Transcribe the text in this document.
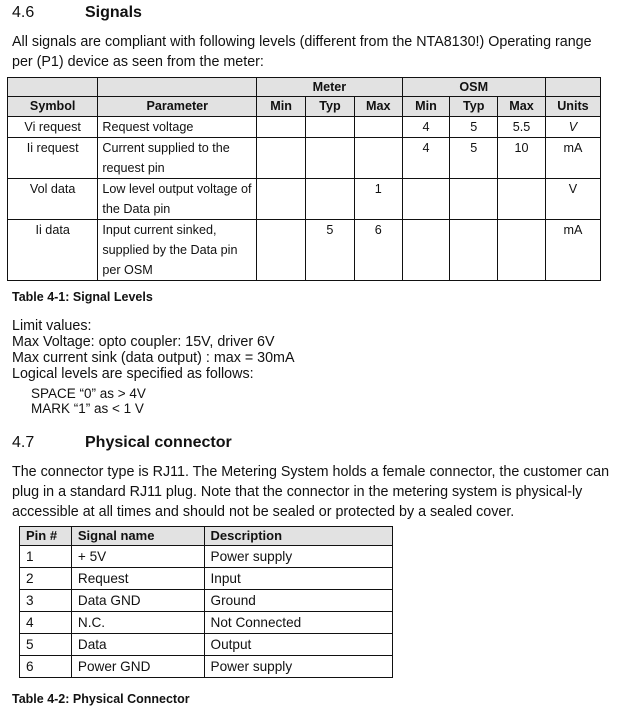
4.6	Signals
All signals are compliant with following levels (different from the NTA8130!) Operating range per (P1) device as seen from the meter:
		Meter			OSM			
Symbol	Parameter	Min	Typ	Max	Min	Typ	Max	Units
Vi request	Request voltage				4	5	5.5	V
Ii request	Current supplied to the request pin				4	5	10	mA
Vol data	Low level output voltage of the Data pin			1				V
Ii data	Input current sinked, supplied by the Data pin per OSM		5	6				mA
Table 4-1: Signal Levels
Limit values:
Max Voltage: opto coupler: 15V, driver 6V
Max current sink (data output) : max = 30mA
Logical levels are specified as follows:
SPACE “0” as > 4V
MARK “1” as < 1 V
4.7	Physical connector
The connector type is RJ11. The Metering System holds a female connector, the customer can plug in a standard RJ11 plug. Note that the connector in the metering system is physical-ly accessible at all times and should not be sealed or protected by a sealed cover.
Pin #	Signal name	Description
1	+ 5V	Power supply
2	Request	Input
3	Data GND	Ground
4	N.C.	Not Connected
5	Data	Output
6	Power GND	Power supply
Table 4-2: Physical Connector
